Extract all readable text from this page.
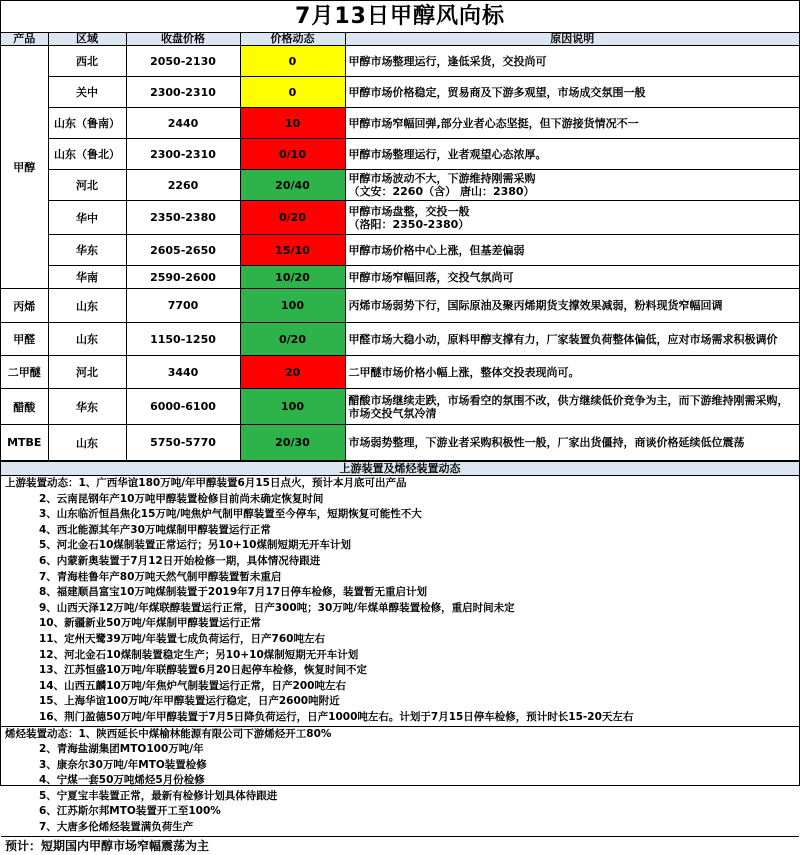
7月13日甲醇风向标
产品	区域	收盘价格	价格动态	原因说明
甲醇	西北	2050-2130	0	甲醇市场整理运行，逢低采货，交投尚可
	关中	2300-2310	0	甲醇市场价格稳定，贸易商及下游多观望，市场成交氛围一般
	山东（鲁南）	2440	10	甲醇市场窄幅回弹,部分业者心态坚挺，但下游接货情况不一
	山东（鲁北）	2300-2310	0/10	甲醇市场整理运行，业者观望心态浓厚。
	河北	2260	20/40	甲醇市场波动不大，下游维持刚需采购
（文安：2260（含） 唐山：2380）

	华中	2350-2380	0/20	甲醇市场盘整，交投一般
（洛阳：2350-2380）

	华东	2605-2650	15/10	甲醇市场价格中心上涨，但基差偏弱
	华南	2590-2600	10/20	甲醇市场窄幅回落，交投气氛尚可
丙烯	山东	7700	100	丙烯市场弱势下行，国际原油及聚丙烯期货支撑效果减弱，粉料现货窄幅回调
甲醛	山东	1150-1250	0/20	甲醛市场大稳小动，原料甲醇支撑有力，厂家装置负荷整体偏低，应对市场需求积极调价
二甲醚	河北	3440	20	二甲醚市场价格小幅上涨，整体交投表现尚可。
醋酸	华东	6000-6100	100	醋酸市场继续走跌，市场看空的氛围不改，供方继续低价竞争为主，而下游维持刚需采购，市场交投气氛冷清
MTBE	山东	5750-5770	20/30	市场弱势整理，下游业者采购积极性一般，厂家出货僵持，商谈价格延续低位震荡
上游装置及烯烃装置动态
上游装置动态：1、广西华谊180万吨/年甲醇装置6月15日点火，预计本月底可出产品
2、云南昆钢年产10万吨甲醇装置检修目前尚未确定恢复时间
3、山东临沂恒昌焦化15万吨/吨焦炉气制甲醇装置至今停车，短期恢复可能性不大
4、西北能源其年产30万吨煤制甲醇装置运行正常
5、河北金石10煤制装置正常运行；另10+10煤制短期无开车计划
6、内蒙新奥装置于7月12日开始检修一期，具体情况待跟进
7、青海桂鲁年产80万吨天然气制甲醇装置暂未重启
8、福建顺昌富宝10万吨煤制装置于2019年7月17日停车检修，装置暂无重启计划
9、山西天泽12万吨/年煤联醇装置运行正常，日产300吨；30万吨/年煤单醇装置检修，重启时间未定
10、新疆新业50万吨/年煤制甲醇装置运行正常
11、定州天鹭39万吨/年装置七成负荷运行，日产760吨左右
12、河北金石10煤制装置稳定生产；另10+10煤制短期无开车计划
13、江苏恒盛10万吨/年联醇装置6月20日起停车检修，恢复时间不定
14、山西五麟10万吨/年焦炉气制装置运行正常，日产200吨左右
15、上海华谊100万吨/年甲醇装置运行稳定，日产2600吨附近
16、荆门盈德50万吨/年甲醇装置于7月5日降负荷运行，日产1000吨左右。计划于7月15日停车检修，预计时长15-20天左右
烯烃装置动态：1、陕西延长中煤榆林能源有限公司下游烯烃开工80%
2、青海盐湖集团MTO100万吨/年
3、康奈尔30万吨/年MTO装置检修
4、宁煤一套50万吨烯烃5月份检修
5、宁夏宝丰装置正常，最新有检修计划具体待跟进
6、江苏斯尔邦MTO装置开工至100%
7、大唐多伦烯烃装置满负荷生产
预计：短期国内甲醇市场窄幅震荡为主
